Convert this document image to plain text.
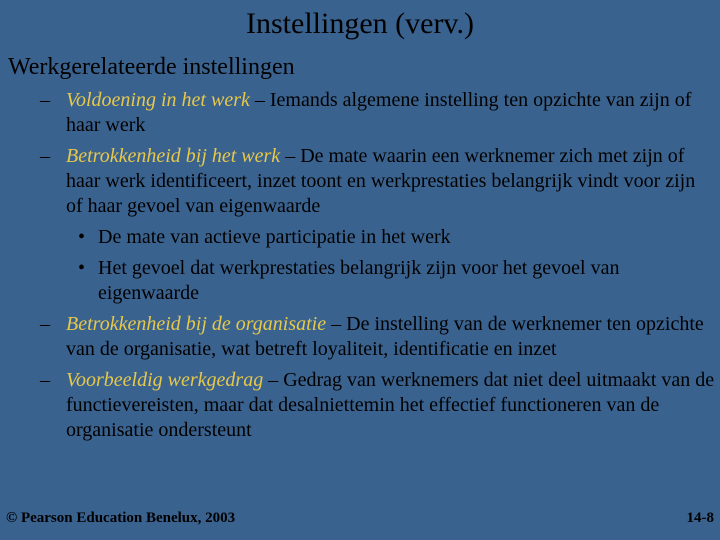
Instellingen (verv.)
Werkgerelateerde instellingen
– Voldoening in het werk – Iemands algemene instelling ten opzichte van zijn of haar werk
– Betrokkenheid bij het werk – De mate waarin een werknemer zich met zijn of haar werk identificeert, inzet toont en werkprestaties belangrijk vindt voor zijn of haar gevoel van eigenwaarde
• De mate van actieve participatie in het werk
• Het gevoel dat werkprestaties belangrijk zijn voor het gevoel van eigenwaarde
– Betrokkenheid bij de organisatie – De instelling van de werknemer ten opzichte van de organisatie, wat betreft loyaliteit, identificatie en inzet
– Voorbeeldig werkgedrag – Gedrag van werknemers dat niet deel uitmaakt van de functievereisten, maar dat desalniettemin het effectief functioneren van de organisatie ondersteunt
© Pearson Education Benelux, 2003	14-8
